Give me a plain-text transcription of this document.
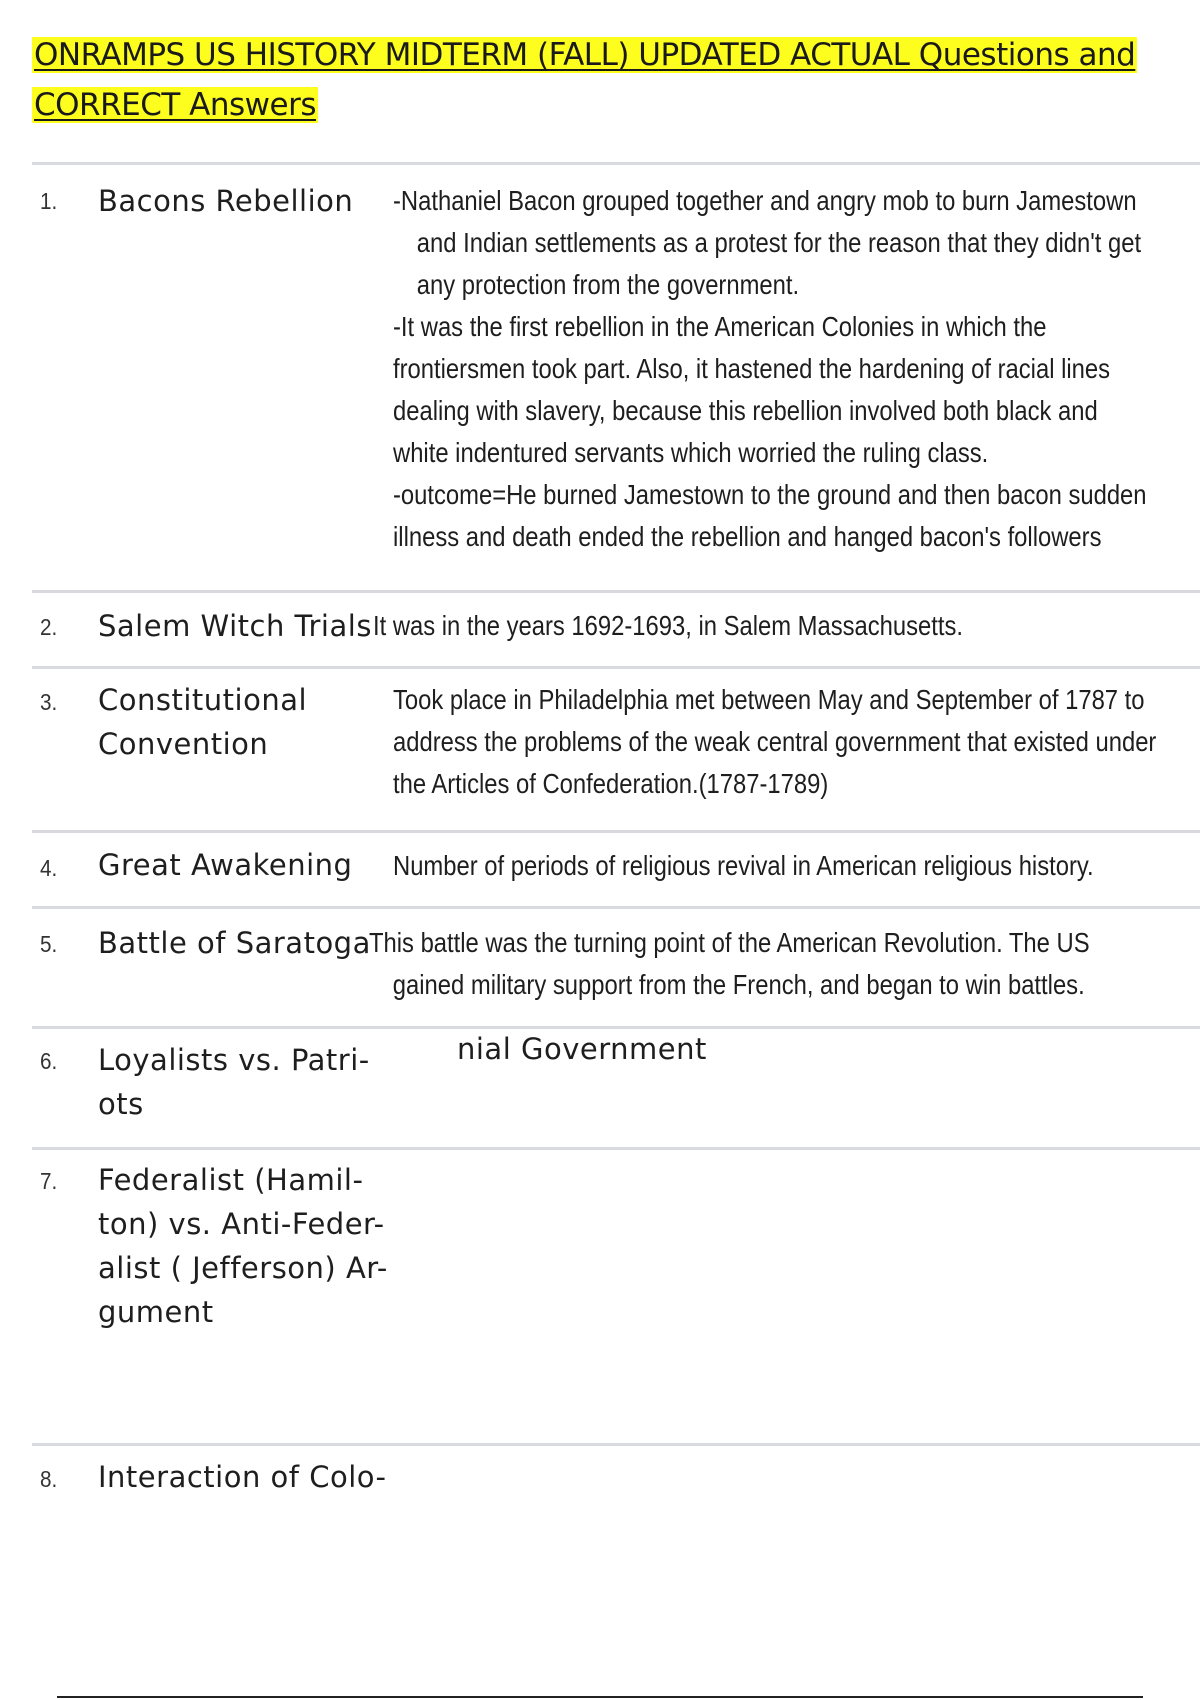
ONRAMPS US HISTORY MIDTERM (FALL) UPDATED ACTUAL Questions and CORRECT Answers
1. Bacons Rebellion -Nathaniel Bacon grouped together and angry mob to burn Jamestown and Indian settlements as a protest for the reason that they didn't get any protection from the government.

-It was the first rebellion in the American Colonies in which the frontiersmen took part. Also, it hastened the hardening of racial lines dealing with slavery, because this rebellion involved both black and white indentured servants which worried the ruling class.

-outcome=He burned Jamestown to the ground and then bacon sudden illness and death ended the rebellion and hanged bacon's followers

2. Salem Witch Trials It was in the years 1692-1693, in Salem Massachusetts.
3. Constitutional Convention
Took place in Philadelphia met between May and September of 1787 to address the problems of the weak central government that existed under the Articles of Confederation.(1787-1789)
4. Great Awakening Number of periods of religious revival in American religious history.
5. Battle of Saratoga

This battle was the turning point of the American Revolution. The US gained military support from the French, and began to win battles.

6. Loyalists vs. Patri- ots
nial Government
7. Federalist (Hamil- ton) vs. Anti-Feder- alist ( Jefferson) Ar- gument
8. Interaction of Colo-
